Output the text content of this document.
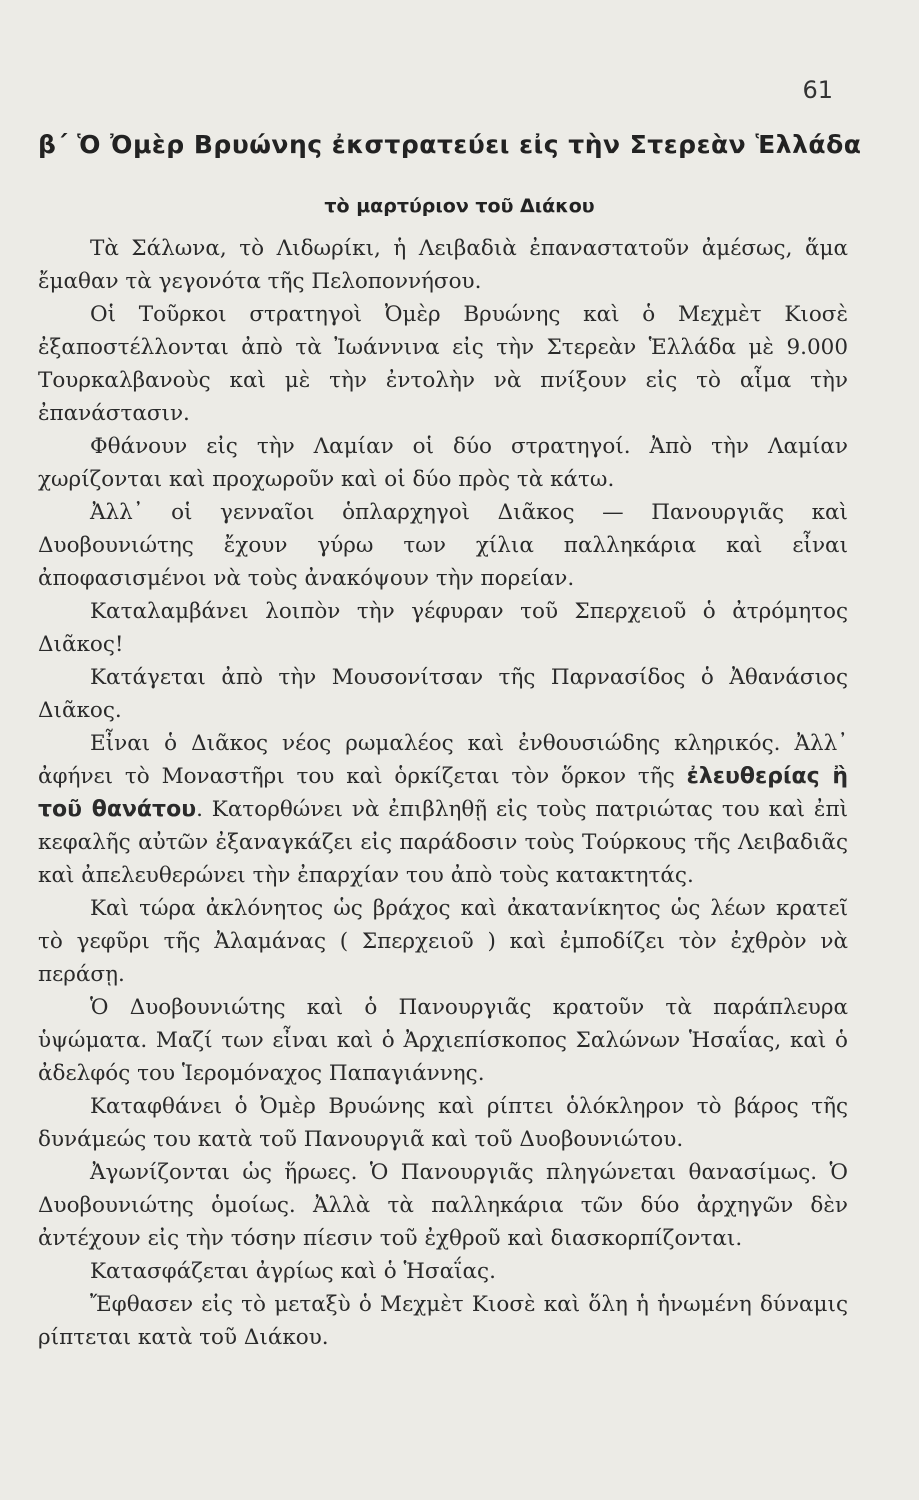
61
β΄ Ὁ Ὀμὲρ Βρυώνης ἐκστρατεύει εἰς τὴν Στερεὰν Ἑλλάδα
τὸ μαρτύριον τοῦ Διάκου

Τὰ Σάλωνα, τὸ Λιδωρίκι, ἡ Λειβαδιὰ ἐπαναστατοῦν ἀμέσως, ἅμα ἔμαθαν τὰ γεγονότα τῆς Πελοποννήσου.

Οἱ Τοῦρκοι στρατηγοὶ Ὀμὲρ Βρυώνης καὶ ὁ Μεχμὲτ Κιοσὲ ἐξαποστέλλονται ἀπὸ τὰ Ἰωάννινα εἰς τὴν Στερεὰν Ἑλλάδα μὲ 9.000 Τουρκαλβανοὺς καὶ μὲ τὴν ἐντολὴν νὰ πνίξουν εἰς τὸ αἷμα τὴν ἐπανάστασιν.

Φθάνουν εἰς τὴν Λαμίαν οἱ δύο στρατηγοί. Ἀπὸ τὴν Λαμίαν χωρίζονται καὶ προχωροῦν καὶ οἱ δύο πρὸς τὰ κάτω.

Ἀλλ᾽ οἱ γενναῖοι ὁπλαρχηγοὶ Διᾶκος — Πανουργιᾶς καὶ Δυοβουνιώτης ἔχουν γύρω των χίλια παλληκάρια καὶ εἶναι ἀποφασισμένοι νὰ τοὺς ἀνακόψουν τὴν πορείαν.

Καταλαμβάνει λοιπὸν τὴν γέφυραν τοῦ Σπερχειοῦ ὁ ἀτρόμητος Διᾶκος!

Κατάγεται ἀπὸ τὴν Μουσονίτσαν τῆς Παρνασίδος ὁ Ἀθανάσιος Διᾶκος.

Εἶναι ὁ Διᾶκος νέος ρωμαλέος καὶ ἐνθουσιώδης κληρικός. Ἀλλ᾽ ἀφήνει τὸ Μοναστῆρι του καὶ ὁρκίζεται τὸν ὅρκον τῆς ἐλευθερίας ἢ τοῦ θανάτου. Κατορθώνει νὰ ἐπιβληθῇ εἰς τοὺς πατριώτας του καὶ ἐπὶ κεφαλῆς αὐτῶν ἐξαναγκάζει εἰς παράδοσιν τοὺς Τούρκους τῆς Λειβαδιᾶς καὶ ἀπελευθερώνει τὴν ἐπαρχίαν του ἀπὸ τοὺς κατακτητάς.

Καὶ τώρα ἀκλόνητος ὡς βράχος καὶ ἀκατανίκητος ὡς λέων κρατεῖ τὸ γεφῦρι τῆς Ἀλαμάνας ( Σπερχειοῦ ) καὶ ἐμποδίζει τὸν ἐχθρὸν νὰ περάσῃ.

Ὁ Δυοβουνιώτης καὶ ὁ Πανουργιᾶς κρατοῦν τὰ παράπλευρα ὑψώματα. Μαζί των εἶναι καὶ ὁ Ἀρχιεπίσκοπος Σαλώνων Ἡσαΐας, καὶ ὁ ἀδελφός του Ἱερομόναχος Παπαγιάννης.

Καταφθάνει ὁ Ὀμὲρ Βρυώνης καὶ ρίπτει ὁλόκληρον τὸ βάρος τῆς δυνάμεώς του κατὰ τοῦ Πανουργιᾶ καὶ τοῦ Δυοβουνιώτου.

Ἀγωνίζονται ὡς ἥρωες. Ὁ Πανουργιᾶς πληγώνεται θανασίμως. Ὁ Δυοβουνιώτης ὁμοίως. Ἀλλὰ τὰ παλληκάρια τῶν δύο ἀρχηγῶν δὲν ἀντέχουν εἰς τὴν τόσην πίεσιν τοῦ ἐχθροῦ καὶ διασκορπίζονται.

Κατασφάζεται ἀγρίως καὶ ὁ Ἡσαΐας.

Ἔφθασεν εἰς τὸ μεταξὺ ὁ Μεχμὲτ Κιοσὲ καὶ ὅλη ἡ ἡνωμένη δύναμις ρίπτεται κατὰ τοῦ Διάκου.
